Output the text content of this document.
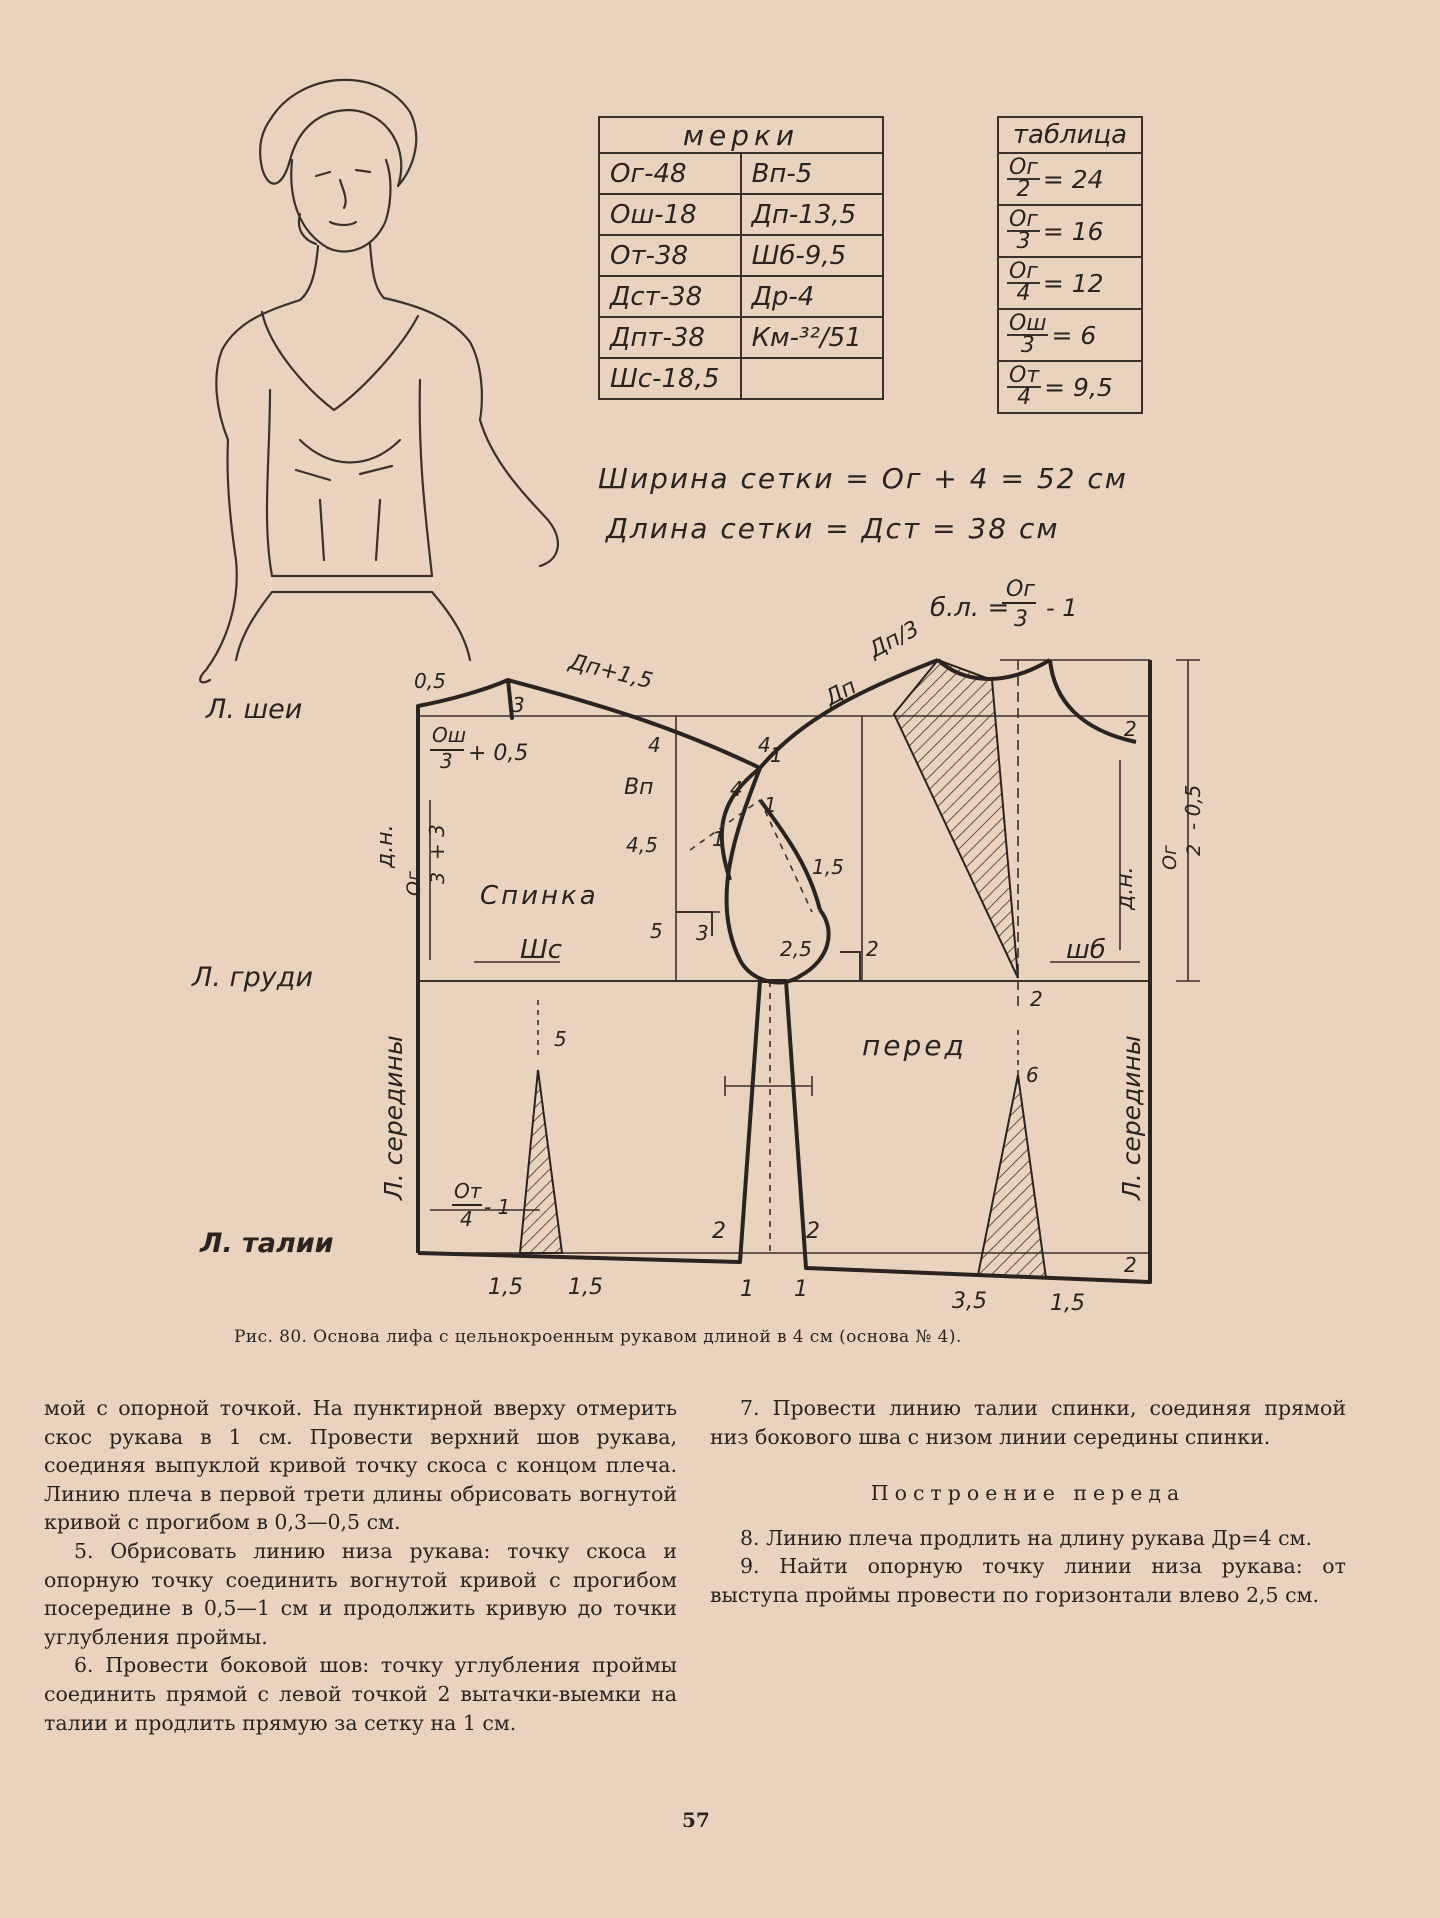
мерки	
Ог-48	Вп-5
Ош-18	Дп-13,5
От-38	Шб-9,5
Дст-38	Др-4
Дпт-38	Км-³²/51
Шс-18,5	
таблица

$\frac{Ог}{2} = 24$

$\frac{Ог}{3} = 16$

$\frac{Ог}{4} = 12$

$\frac{Ош}{3} = 6$

$\frac{От}{4} = 9,5$
Ширина сетки = Ог + 4 = 52 см
Длина сетки = Дст = 38 см
Л. шеи
Л. груди
Л. талии
Спинка
перед
Л. середины	Л. середины
д.н.
д.н.
Шс	шб
б.л. =
Ог
3 - 1
Дп/3
Дп
Дп+1,5
Ош
3 + 0,5
Ог 3
+ 3	Ог 2
- 0,5
От
4 - 1
Вп
0,5
3
4	4 1
4
1
4,5	1
1,5
5 3
2,5	2
2
2
5
6
2	2
2
1,5 1,5	1 1	3,5	1,5
Рис. 80. Основа лифа с цельнокроенным рукавом длиной в 4 см (основа № 4).

мой с опорной точкой. На пунктирной вверху отмерить скос рукава в 1 см. Провести верхний шов рукава, соединяя выпуклой кривой точку скоса с концом плеча. Линию плеча в первой трети длины обрисовать вогнутой кривой с прогибом в 0,3—0,5 см.

5. Обрисовать линию низа рукава: точку скоса и опорную точку соединить вогнутой кривой с прогибом посередине в 0,5—1 см и продолжить кривую до точки углубления проймы.

6. Провести боковой шов: точку углубления проймы соединить прямой с левой точкой 2 вытачки-выемки на талии и продлить прямую за сетку на 1 см.

7. Провести линию талии спинки, соединяя прямой низ бокового шва с низом линии середины спинки.

Построение переда

8. Линию плеча продлить на длину рукава Др=4 см.

9. Найти опорную точку линии низа рукава: от выступа проймы провести по горизонтали влево 2,5 см.

57
